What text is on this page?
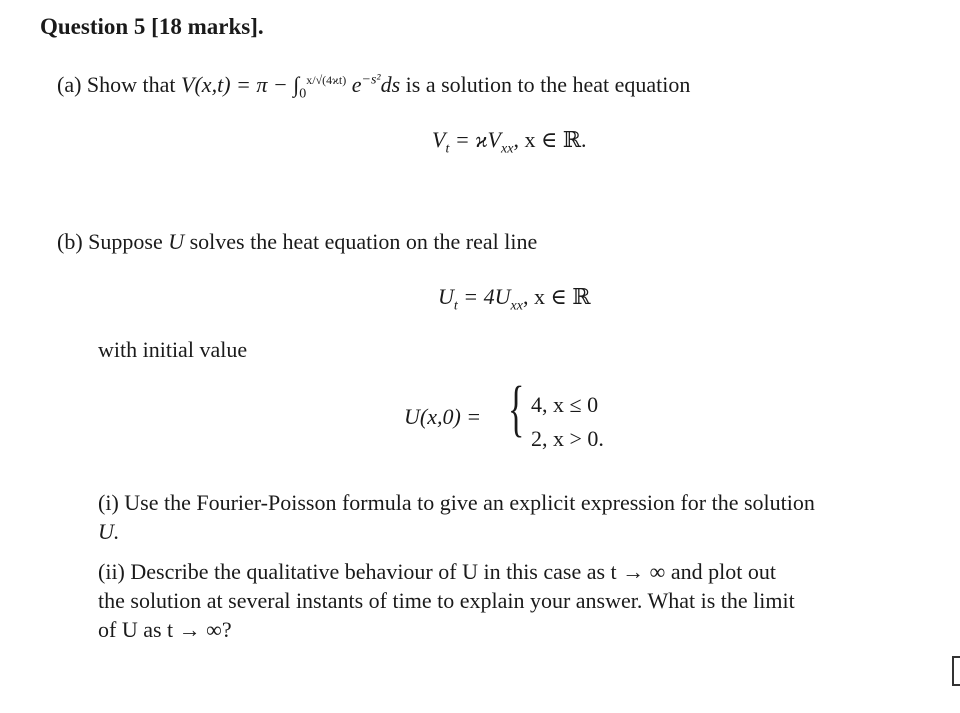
Question 5 [18 marks].
(a) Show that $V(x,t) = \pi - \int_0^{x/√(4ϰt)}$ $e^{-s^2}ds$ is a solution to the heat equation
$V_t = ϰV_{xx}$, x ∈ ℝ.
(b) Suppose U solves the heat equation on the real line
$U_t = 4U_{xx}$, x ∈ ℝ
with initial value
U(x,0) = { 4, x ≤ 0
2, x > 0.
(i) Use the Fourier-Poisson formula to give an explicit expression for the solution
U.
(ii) Describe the qualitative behaviour of U in this case as t → ∞ and plot out
the solution at several instants of time to explain your answer. What is the limit
of U as t → ∞?
